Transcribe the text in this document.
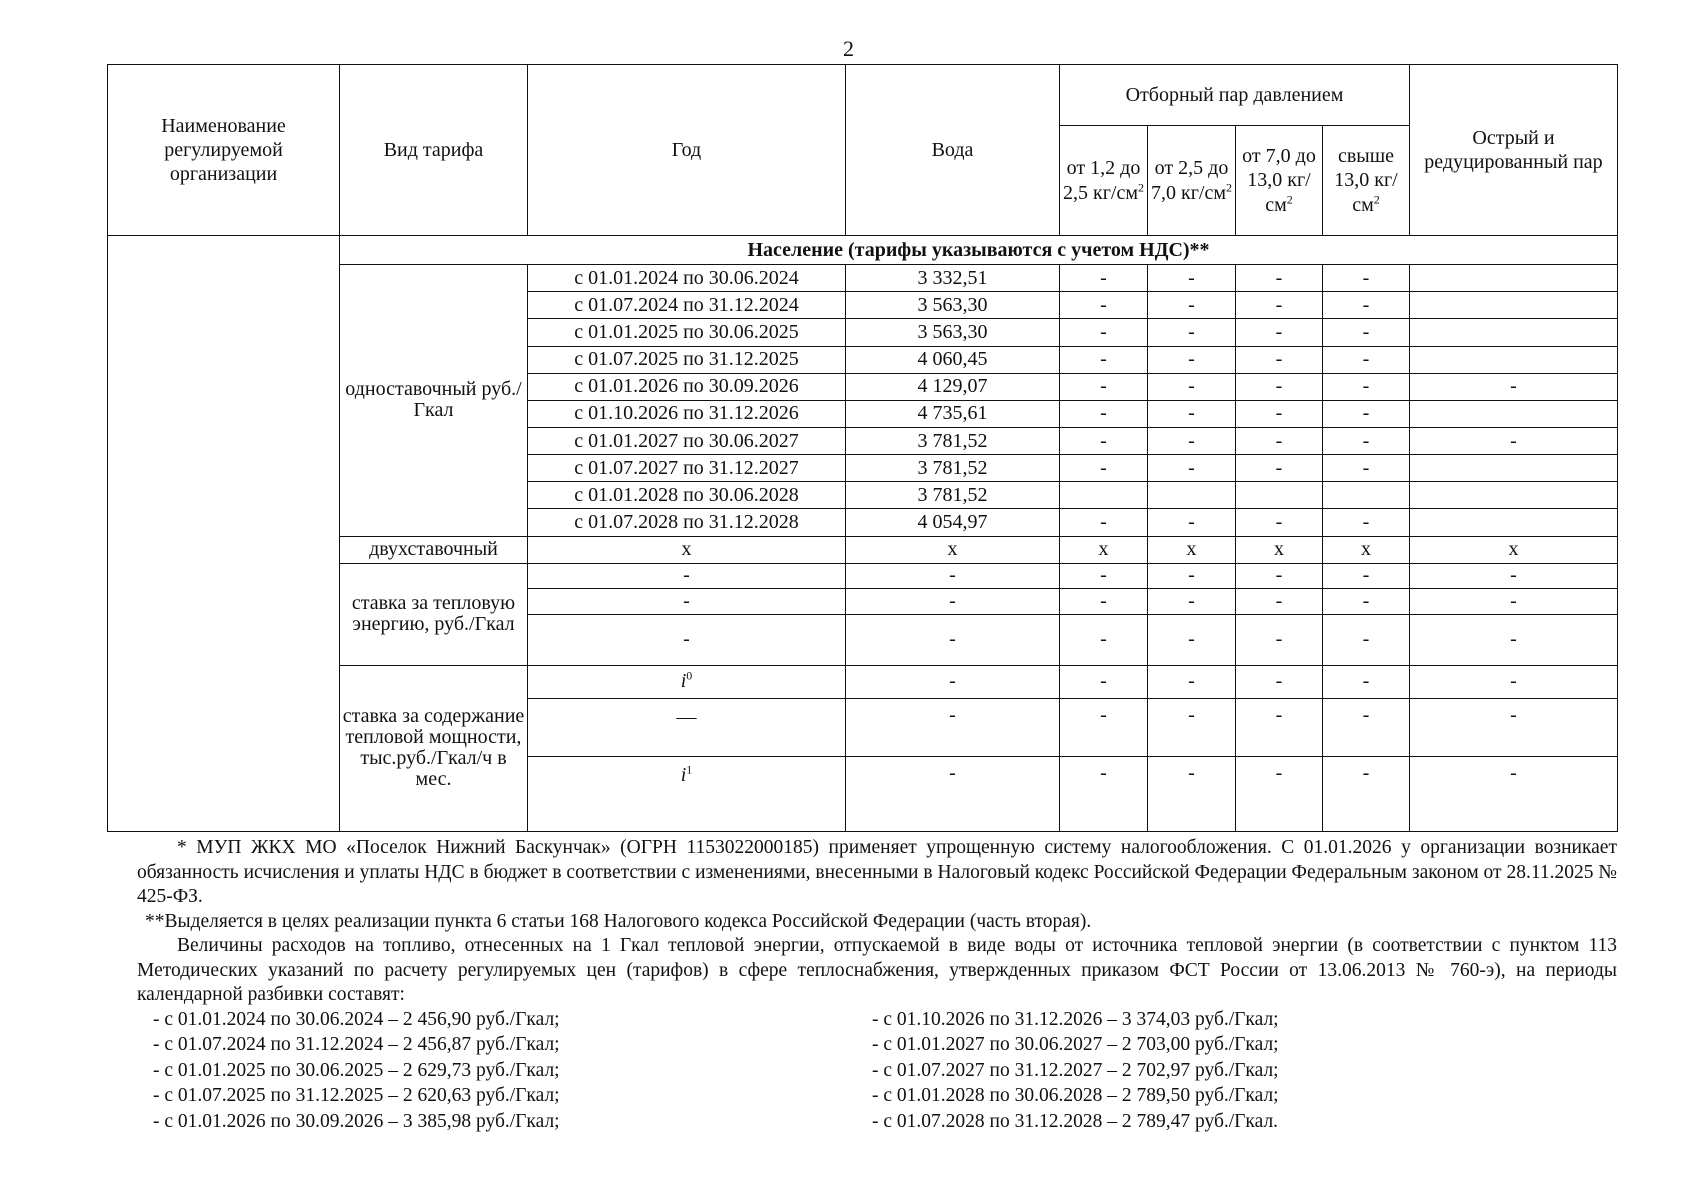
2
Наименование регулируемой организации	Вид тарифа	Год	Вода	Отборный пар давлением				Острый и редуцированный пар
				от 1,2 до 2,5 $кг/см^2$	от 2,5 до 7,0 $кг/см^2$	от 7,0 до 13,0 $кг/см^2$	свыше 13,0 $кг/см^2$
	Население (тарифы указываются с учетом НДС)**							
	одноставочный руб./Гкал	с 01.01.2024 по 30.06.2024	3 332,51	-	-	-	-	
		с 01.07.2024 по 31.12.2024	3 563,30	-	-	-	-	
		с 01.01.2025 по 30.06.2025	3 563,30	-	-	-	-	
		с 01.07.2025 по 31.12.2025	4 060,45	-	-	-	-	
		с 01.01.2026 по 30.09.2026	4 129,07	-	-	-	-	-
		с 01.10.2026 по 31.12.2026	4 735,61	-	-	-	-	
		с 01.01.2027 по 30.06.2027	3 781,52	-	-	-	-	-
		с 01.07.2027 по 31.12.2027	3 781,52	-	-	-	-	
		с 01.01.2028 по 30.06.2028	3 781,52					
		с 01.07.2028 по 31.12.2028	4 054,97	-	-	-	-	
	двухставочный	x	x	x	x	x	x	x
	ставка за тепловую энергию, руб./Гкал	-	-	-	-	-	-	-
		-	-	-	-	-	-	-
		-	-	-	-	-	-	-
	ставка за содержание тепловой мощности, тыс.руб./Гкал/ч в мес.	$i^0$	-	-	-	-	-	-
		—	-	-	-	-	-	-
		$i^1$	-	-	-	-	-	-

* МУП ЖКХ МО «Поселок Нижний Баскунчак» (ОГРН 1153022000185) применяет упрощенную систему налогообложения. С 01.01.2026 у организации возникает обязанность исчисления и уплаты НДС в бюджет в соответствии с изменениями, внесенными в Налоговый кодекс Российской Федерации Федеральным законом от 28.11.2025 № 425-ФЗ.

**Выделяется в целях реализации пункта 6 статьи 168 Налогового кодекса Российской Федерации (часть вторая).

Величины расходов на топливо, отнесенных на 1 Гкал тепловой энергии, отпускаемой в виде воды от источника тепловой энергии (в соответствии с пунктом 113 Методических указаний по расчету регулируемых цен (тарифов) в сфере теплоснабжения, утвержденных приказом ФСТ России от 13.06.2013 № 760-э), на периоды календарной разбивки составят:

- с 01.01.2024 по 30.06.2024 – 2 456,90 руб./Гкал;
- с 01.07.2024 по 31.12.2024 – 2 456,87 руб./Гкал;
- с 01.01.2025 по 30.06.2025 – 2 629,73 руб./Гкал;
- с 01.07.2025 по 31.12.2025 – 2 620,63 руб./Гкал;
- с 01.01.2026 по 30.09.2026 – 3 385,98 руб./Гкал;
- с 01.10.2026 по 31.12.2026 – 3 374,03 руб./Гкал;
- с 01.01.2027 по 30.06.2027 – 2 703,00 руб./Гкал;
- с 01.07.2027 по 31.12.2027 – 2 702,97 руб./Гкал;
- с 01.01.2028 по 30.06.2028 – 2 789,50 руб./Гкал;
- с 01.07.2028 по 31.12.2028 – 2 789,47 руб./Гкал.
